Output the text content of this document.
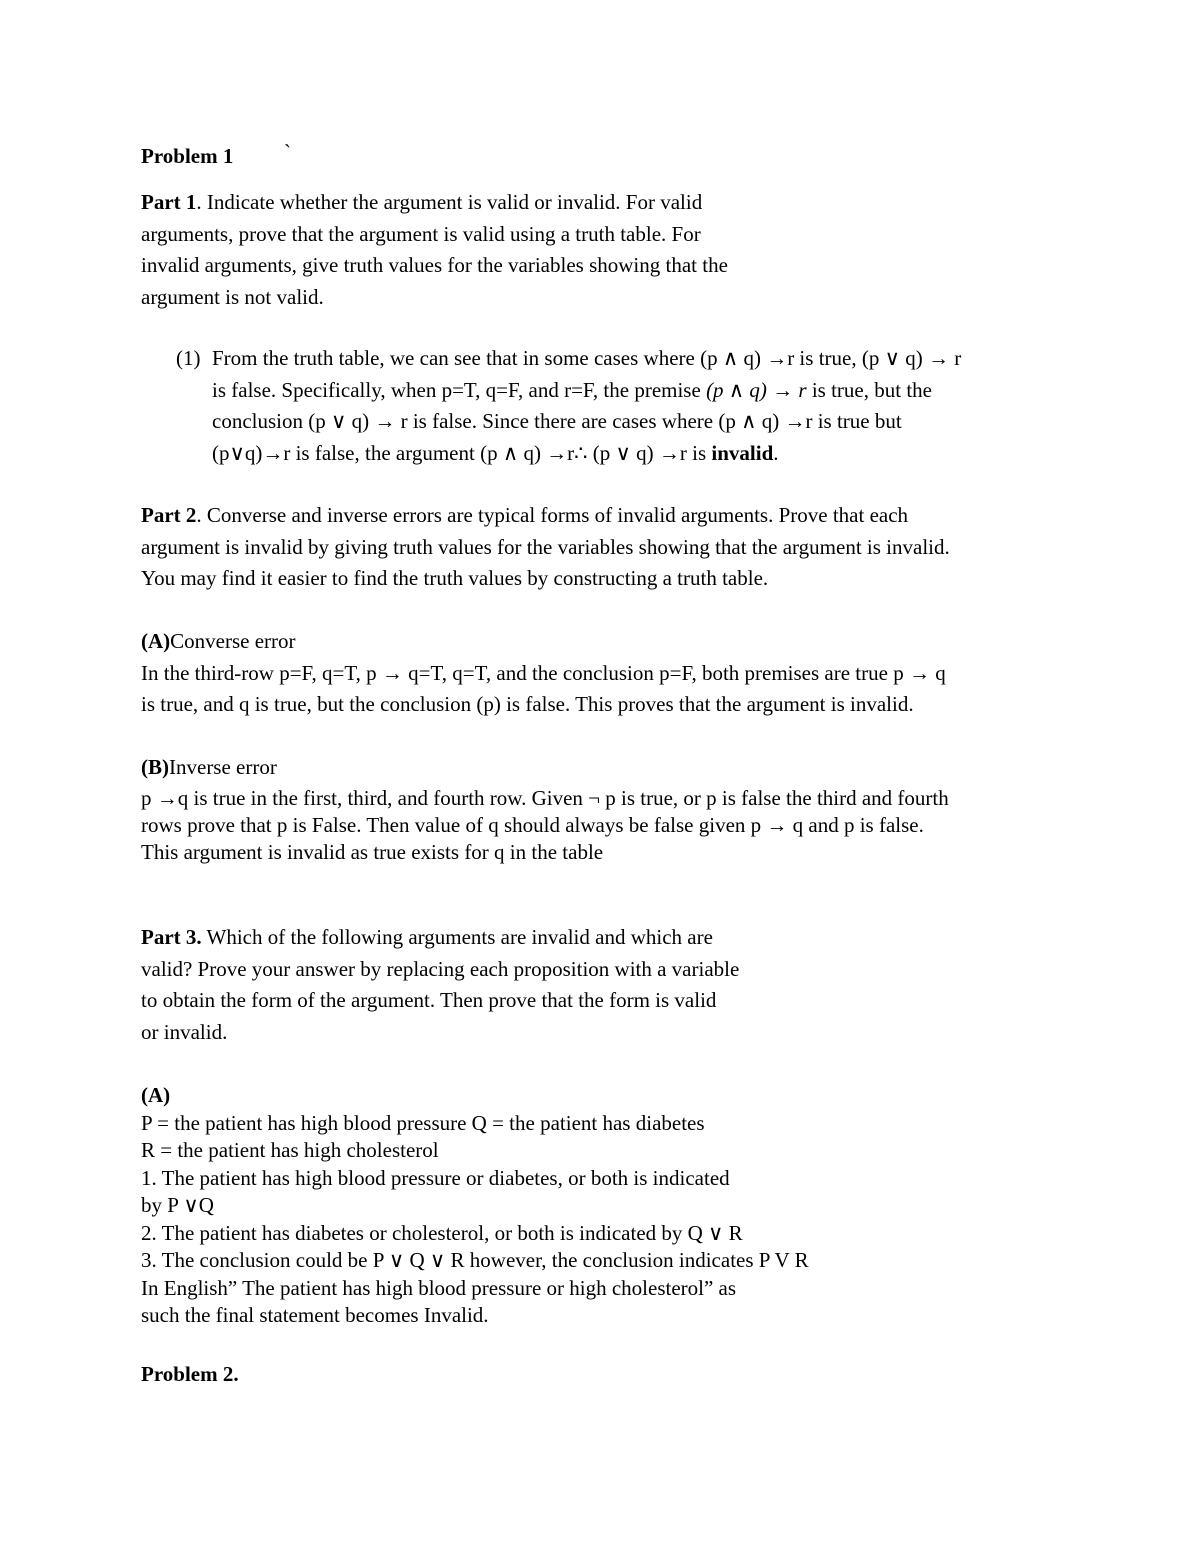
Problem 1 `
Part 1. Indicate whether the argument is valid or invalid. For valid
arguments, prove that the argument is valid using a truth table. For
invalid arguments, give truth values for the variables showing that the
argument is not valid.
(1) From the truth table, we can see that in some cases where (p ∧ q) →r is true, (p ∨ q) → r
is false. Specifically, when p=T, q=F, and r=F, the premise (p ∧ q) → r is true, but the
conclusion (p ∨ q) → r is false. Since there are cases where (p ∧ q) →r is true but
(p∨q)→r is false, the argument (p ∧ q) →r∴ (p ∨ q) →r is invalid.
Part 2. Converse and inverse errors are typical forms of invalid arguments. Prove that each
argument is invalid by giving truth values for the variables showing that the argument is invalid.
You may find it easier to find the truth values by constructing a truth table.
(A)Converse error
In the third-row p=F, q=T, p → q=T, q=T, and the conclusion p=F, both premises are true p → q
is true, and q is true, but the conclusion (p) is false. This proves that the argument is invalid.
(B)Inverse error
p →q is true in the first, third, and fourth row. Given ¬ p is true, or p is false the third and fourth
rows prove that p is False. Then value of q should always be false given p → q and p is false.
This argument is invalid as true exists for q in the table
Part 3. Which of the following arguments are invalid and which are
valid? Prove your answer by replacing each proposition with a variable
to obtain the form of the argument. Then prove that the form is valid
or invalid.
(A)
P = the patient has high blood pressure Q = the patient has diabetes
R = the patient has high cholesterol
1. The patient has high blood pressure or diabetes, or both is indicated
by P ∨Q
2. The patient has diabetes or cholesterol, or both is indicated by Q ∨ R
3. The conclusion could be P ∨ Q ∨ R however, the conclusion indicates P V R
In English” The patient has high blood pressure or high cholesterol” as
such the final statement becomes Invalid.
Problem 2.
